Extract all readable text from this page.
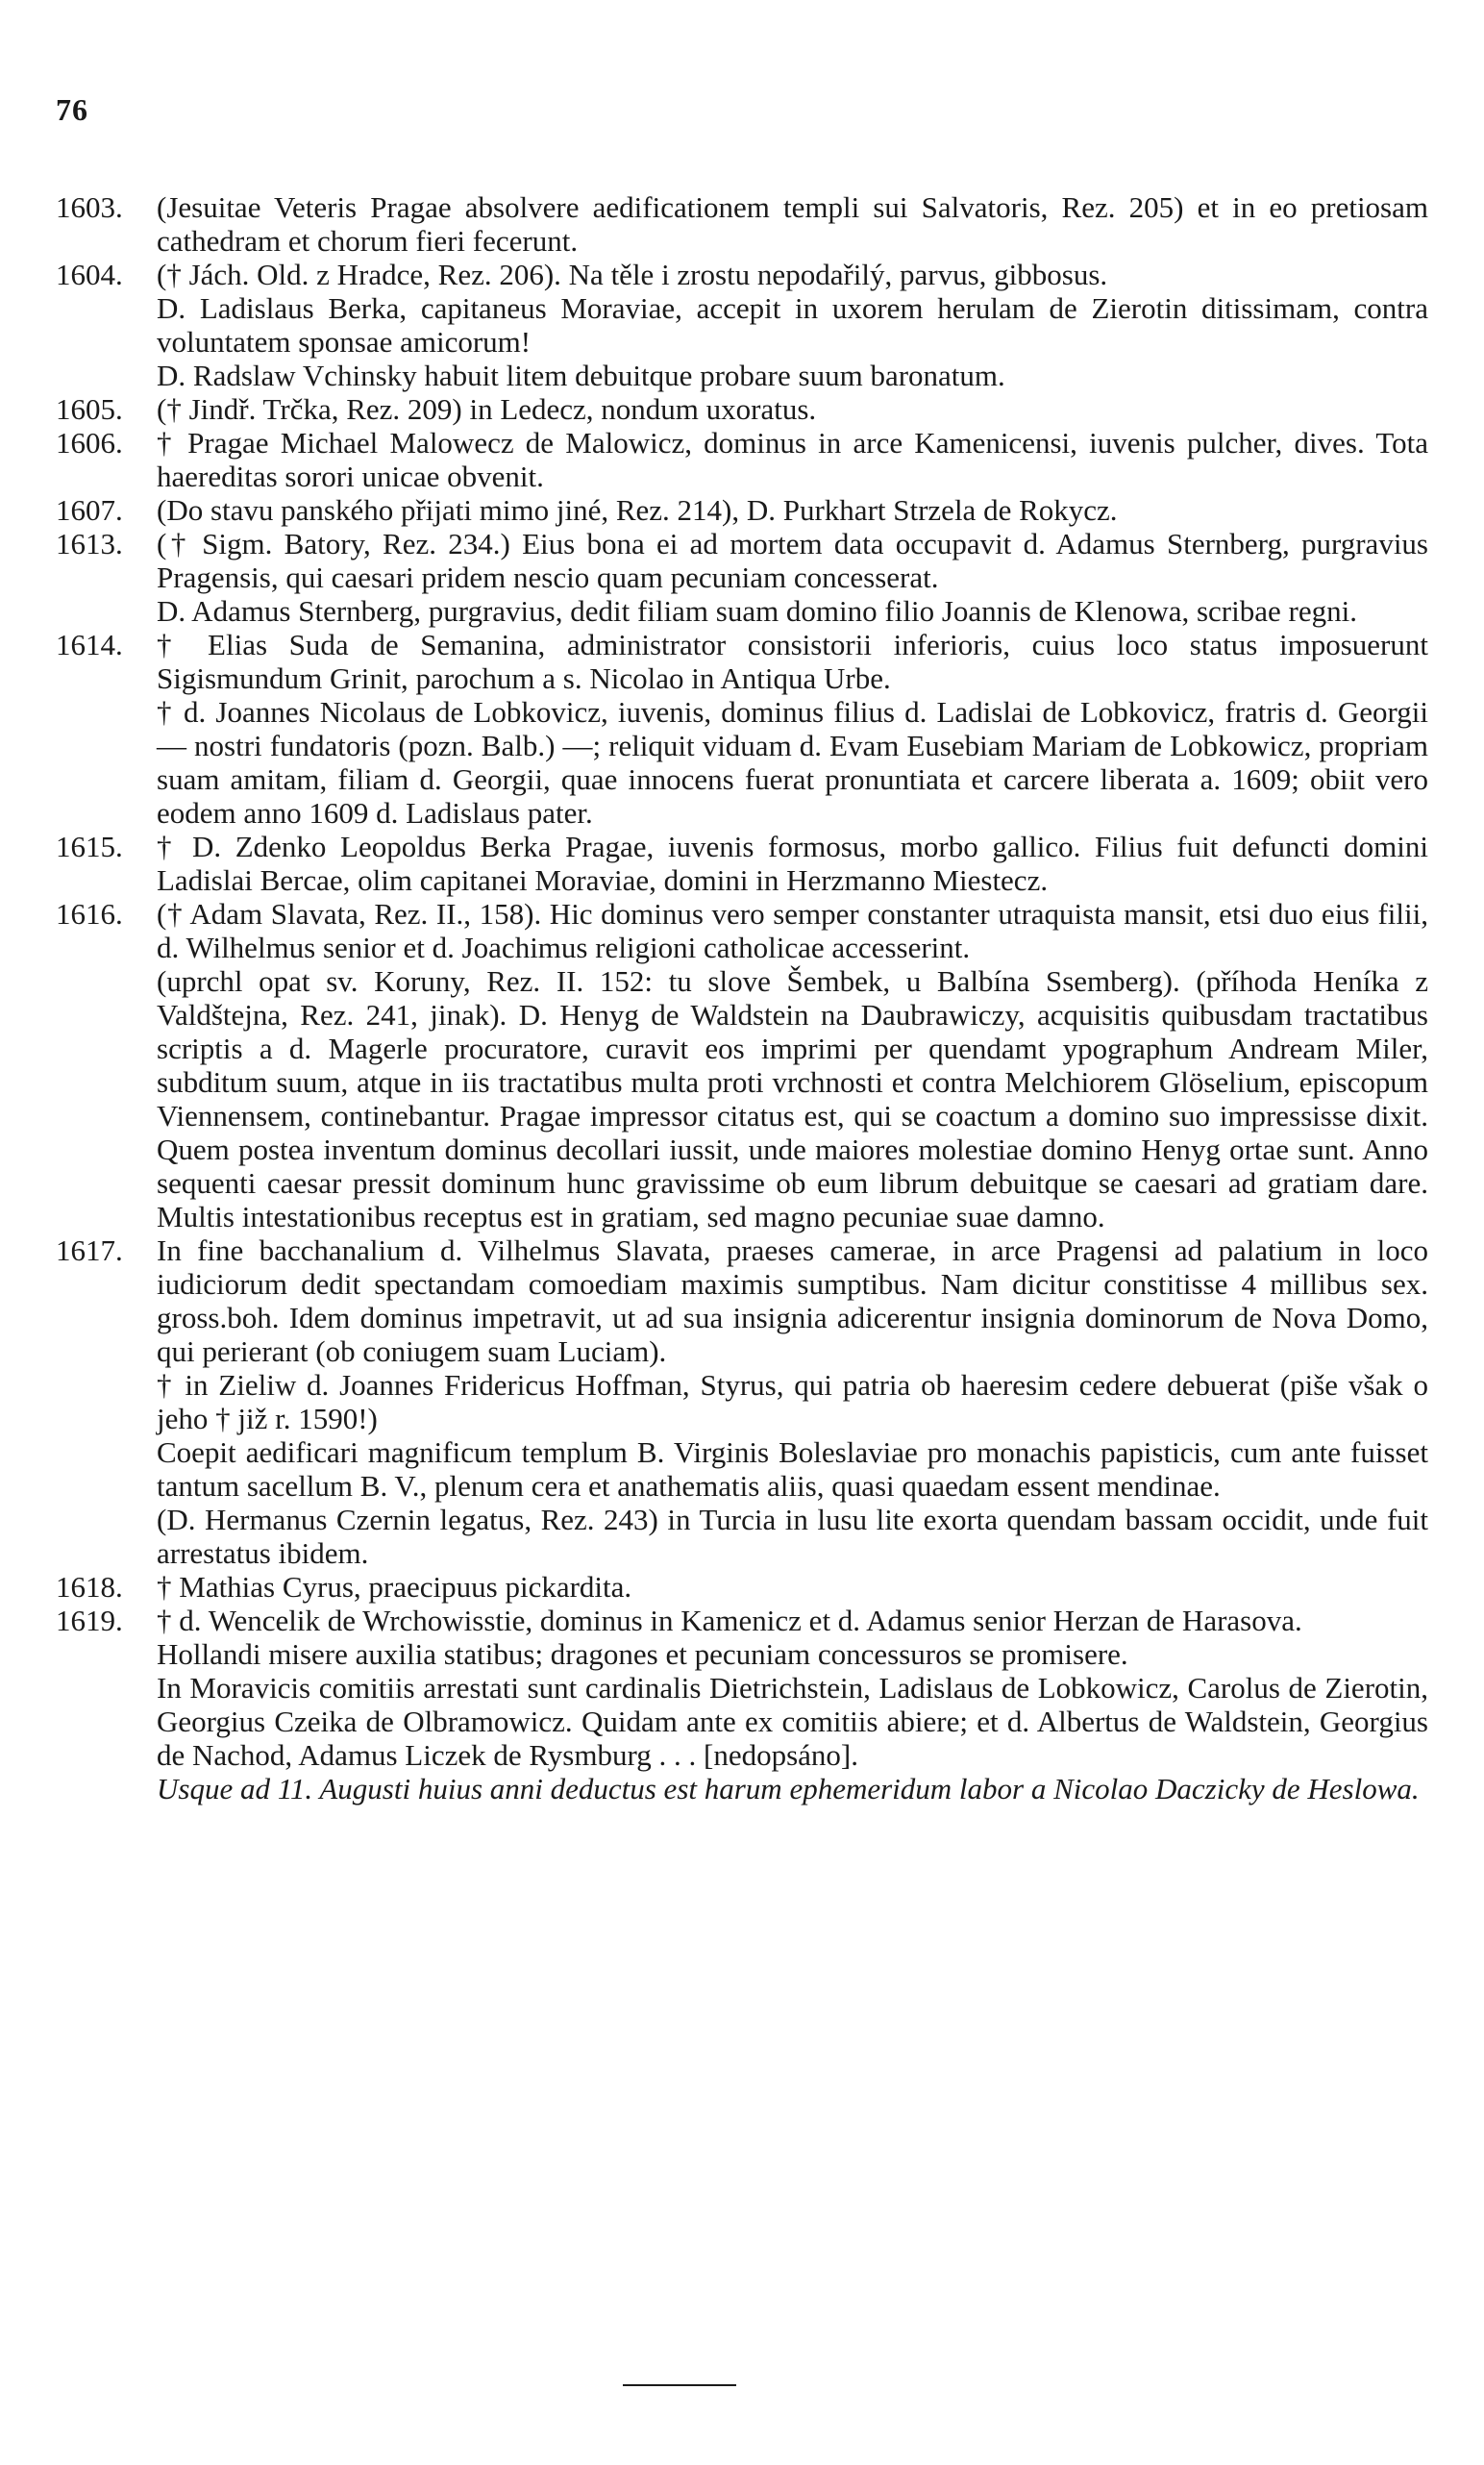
76
1603.	(Jesuitae Veteris Pragae absolvere aedificationem templi sui Salvatoris, Rez. 205) et in eo pretiosam cathedram et chorum fieri fecerunt.

1604.	(† Jách. Old. z Hradce, Rez. 206). Na těle i zrostu nepodařilý, parvus, gibbosus.

D. Ladislaus Berka, capitaneus Moraviae, accepit in uxorem herulam de Zierotin ditissimam, contra voluntatem sponsae amicorum!

D. Radslaw Vchinsky habuit litem debuitque probare suum baronatum.

1605.	(† Jindř. Trčka, Rez. 209) in Ledecz, nondum uxoratus.

1606.	† Pragae Michael Malowecz de Malowicz, dominus in arce Kamenicensi, iuvenis pulcher, dives. Tota haereditas sorori unicae obvenit.

1607.	(Do stavu panského přijati mimo jiné, Rez. 214), D. Purkhart Strzela de Rokycz.

1613.	(† Sigm. Batory, Rez. 234.) Eius bona ei ad mortem data occupavit d. Adamus Sternberg, purgravius Pragensis, qui caesari pridem nescio quam pecuniam concesserat.

D. Adamus Sternberg, purgravius, dedit filiam suam domino filio Joannis de Klenowa, scribae regni.

1614.	† Elias Suda de Semanina, administrator consistorii inferioris, cuius loco status imposuerunt Sigismundum Grinit, parochum a s. Nicolao in Antiqua Urbe.

† d. Joannes Nicolaus de Lobkovicz, iuvenis, dominus filius d. Ladislai de Lobkovicz, fratris d. Georgii — nostri fundatoris (pozn. Balb.) —; reliquit viduam d. Evam Eusebiam Mariam de Lobkowicz, propriam suam amitam, filiam d. Georgii, quae innocens fuerat pronuntiata et carcere liberata a. 1609; obiit vero eodem anno 1609 d. Ladislaus pater.

1615.	† D. Zdenko Leopoldus Berka Pragae, iuvenis formosus, morbo gallico. Filius fuit defuncti domini Ladislai Bercae, olim capitanei Moraviae, domini in Herzmanno Miestecz.

1616.	(† Adam Slavata, Rez. II., 158). Hic dominus vero semper constanter utraquista mansit, etsi duo eius filii, d. Wilhelmus senior et d. Joachimus religioni catholicae accesserint.

(uprchl opat sv. Koruny, Rez. II. 152: tu slove Šembek, u Balbína Ssemberg). (příhoda Heníka z Valdštejna, Rez. 241, jinak). D. Henyg de Waldstein na Daubrawiczy, acquisitis quibusdam tractatibus scriptis a d. Magerle procuratore, curavit eos imprimi per quendamt ypographum Andream Miler, subditum suum, atque in iis tractatibus multa proti vrchnosti et contra Melchiorem Glöselium, episcopum Viennensem, continebantur. Pragae impressor citatus est, qui se coactum a domino suo impressisse dixit. Quem postea inventum dominus decollari iussit, unde maiores molestiae domino Henyg ortae sunt. Anno sequenti caesar pressit dominum hunc gravissime ob eum librum debuitque se caesari ad gratiam dare. Multis intestationibus receptus est in gratiam, sed magno pecuniae suae damno.

1617.	In fine bacchanalium d. Vilhelmus Slavata, praeses camerae, in arce Pragensi ad palatium in loco iudiciorum dedit spectandam comoediam maximis sumptibus. Nam dicitur constitisse 4 millibus sex. gross.boh. Idem dominus impetravit, ut ad sua insignia adicerentur insignia dominorum de Nova Domo, qui perierant (ob coniugem suam Luciam).

† in Zieliw d. Joannes Fridericus Hoffman, Styrus, qui patria ob haeresim cedere debuerat (piše však o jeho † již r. 1590!)

Coepit aedificari magnificum templum B. Virginis Boleslaviae pro monachis papisticis, cum ante fuisset tantum sacellum B. V., plenum cera et anathematis aliis, quasi quaedam essent mendinae.

(D. Hermanus Czernin legatus, Rez. 243) in Turcia in lusu lite exorta quendam bassam occidit, unde fuit arrestatus ibidem.

1618.	† Mathias Cyrus, praecipuus pickardita.

1619.	† d. Wencelik de Wrchowisstie, dominus in Kamenicz et d. Adamus senior Herzan de Harasova.

Hollandi misere auxilia statibus; dragones et pecuniam concessuros se promisere.

In Moravicis comitiis arrestati sunt cardinalis Dietrichstein, Ladislaus de Lobkowicz, Carolus de Zierotin, Georgius Czeika de Olbramowicz. Quidam ante ex comitiis abiere; et d. Albertus de Waldstein, Georgius de Nachod, Adamus Liczek de Rysmburg . . . [nedopsáno].

Usque ad 11. Augusti huius anni deductus est harum ephemeridum labor a Nicolao Daczicky de Heslowa.
